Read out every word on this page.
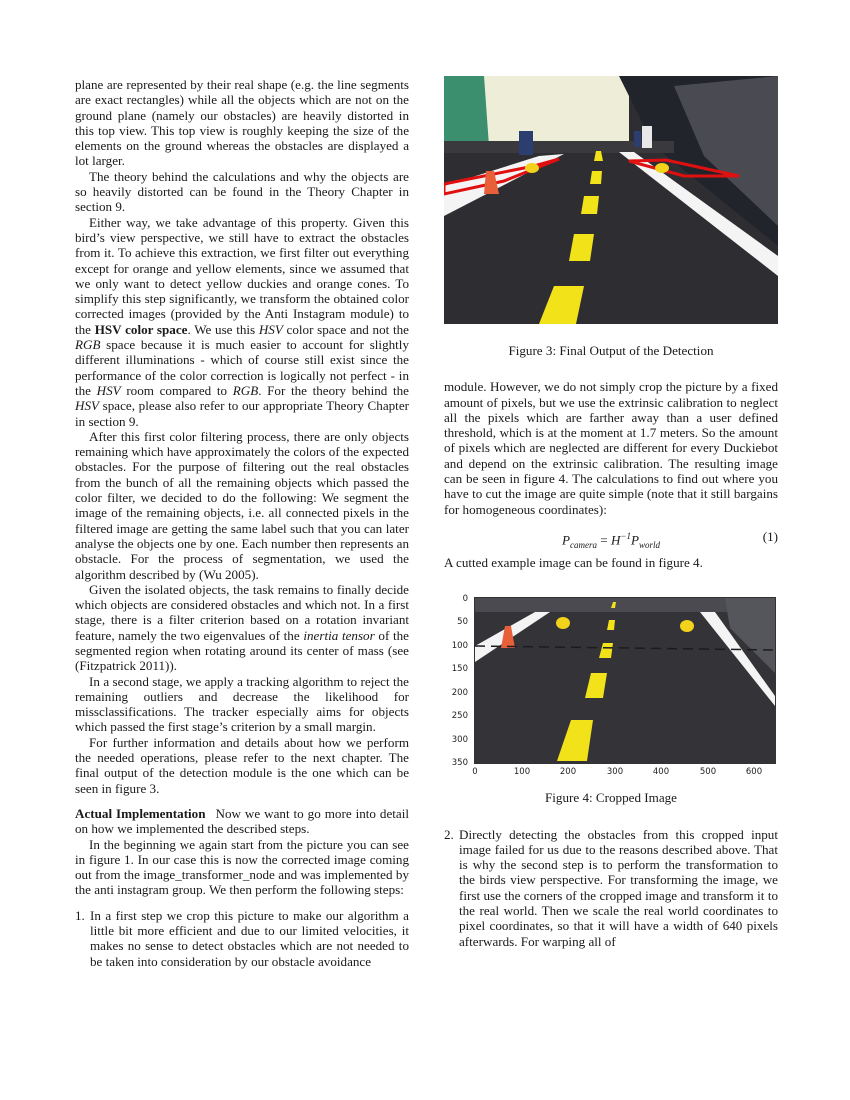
plane are represented by their real shape (e.g. the line segments are exact rectangles) while all the objects which are not on the ground plane (namely our obstacles) are heavily distorted in this top view. This top view is roughly keeping the size of the elements on the ground whereas the obstacles are displayed a lot larger.

The theory behind the calculations and why the objects are so heavily distorted can be found in the Theory Chapter in section 9.

Either way, we take advantage of this property. Given this bird’s view perspective, we still have to extract the obstacles from it. To achieve this extraction, we first filter out everything except for orange and yellow elements, since we assumed that we only want to detect yellow duckies and orange cones. To simplify this step significantly, we transform the obtained color corrected images (provided by the Anti Instagram module) to the HSV color space. We use this HSV color space and not the RGB space because it is much easier to account for slightly different illuminations - which of course still exist since the performance of the color correction is logically not perfect - in the HSV room compared to RGB. For the theory behind the HSV space, please also refer to our appropriate Theory Chapter in section 9.

After this first color filtering process, there are only objects remaining which have approximately the colors of the expected obstacles. For the purpose of filtering out the real obstacles from the bunch of all the remaining objects which passed the color filter, we decided to do the following: We segment the image of the remaining objects, i.e. all connected pixels in the filtered image are getting the same label such that you can later analyse the objects one by one. Each number then represents an obstacle. For the process of segmentation, we used the algorithm described by (Wu 2005).

Given the isolated objects, the task remains to finally decide which objects are considered obstacles and which not. In a first stage, there is a filter criterion based on a rotation invariant feature, namely the two eigenvalues of the inertia tensor of the segmented region when rotating around its center of mass (see (Fitzpatrick 2011)).

In a second stage, we apply a tracking algorithm to reject the remaining outliers and decrease the likelihood for missclassifications. The tracker especially aims for objects which passed the first stage’s criterion by a small margin.

For further information and details about how we perform the needed operations, please refer to the next chapter. The final output of the detection module is the one which can be seen in figure 3.

Actual Implementation Now we want to go more into detail on how we implemented the described steps.

In the beginning we again start from the picture you can see in figure 1. In our case this is now the corrected image coming out from the image_transformer_node and was implemented by the anti instagram group. We then perform the following steps:

1. In a first step we crop this picture to make our algorithm a little bit more efficient and due to our limited velocities, it makes no sense to detect obstacles which are not needed to be taken into consideration by our obstacle avoidance

Figure 3: Final Output of the Detection

module. However, we do not simply crop the picture by a fixed amount of pixels, but we use the extrinsic calibration to neglect all the pixels which are farther away than a user defined threshold, which is at the moment at 1.7 meters. So the amount of pixels which are neglected are different for every Duckiebot and depend on the extrinsic calibration. The resulting image can be seen in figure 4. The calculations to find out where you have to cut the image are quite simple (note that it still bargains for homogeneous coordinates):

$P_{camera} = H^{-1}P_{world}$
(1)

A cutted example image can be found in figure 4.

0
50
100
150
200
250
300
350
0	100	200	300	400	500	600

Figure 4: Cropped Image

2. Directly detecting the obstacles from this cropped input image failed for us due to the reasons described above. That is why the second step is to perform the transformation to the birds view perspective. For transforming the image, we first use the corners of the cropped image and transform it to the real world. Then we scale the real world coordinates to pixel coordinates, so that it will have a width of 640 pixels afterwards. For warping all of
